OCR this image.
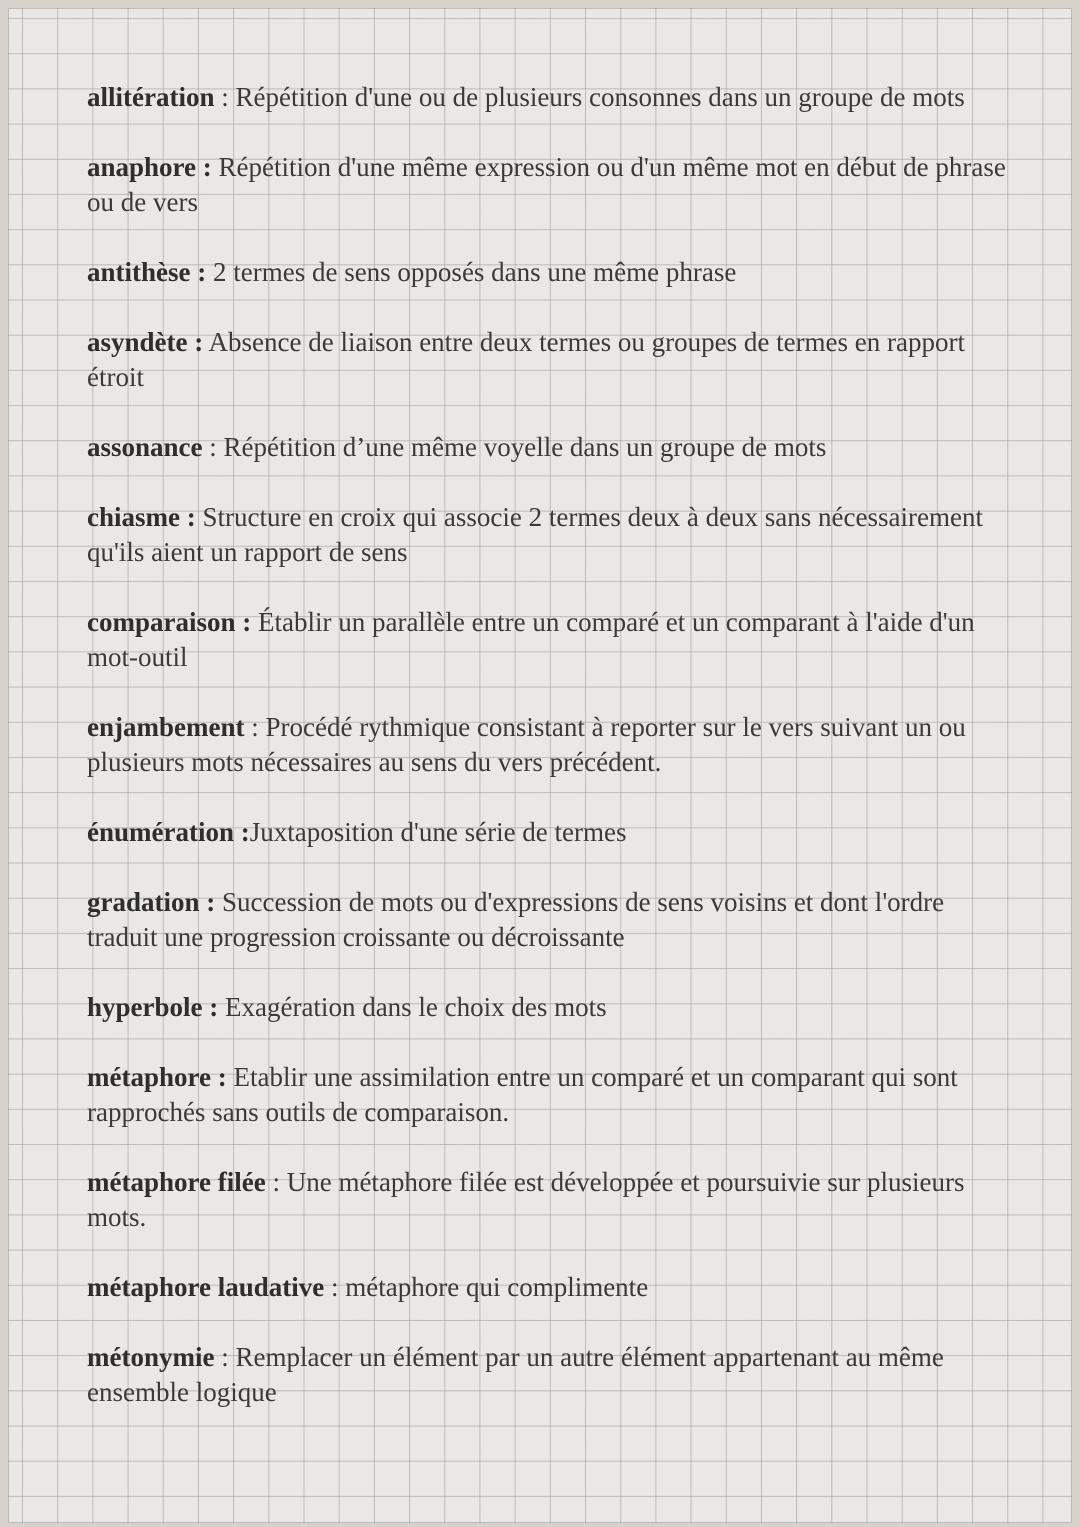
allitération : Répétition d'une ou de plusieurs consonnes dans un groupe de mots

anaphore : Répétition d'une même expression ou d'un même mot en début de phrase ou de vers

antithèse : 2 termes de sens opposés dans une même phrase

asyndète : Absence de liaison entre deux termes ou groupes de termes en rapport étroit

assonance : Répétition d’une même voyelle dans un groupe de mots

chiasme : Structure en croix qui associe 2 termes deux à deux sans nécessairement qu'ils aient un rapport de sens

comparaison : Établir un parallèle entre un comparé et un comparant à l'aide d'un mot-outil

enjambement : Procédé rythmique consistant à reporter sur le vers suivant un ou plusieurs mots nécessaires au sens du vers précédent.

énumération :Juxtaposition d'une série de termes

gradation : Succession de mots ou d'expressions de sens voisins et dont l'ordre traduit une progression croissante ou décroissante

hyperbole : Exagération dans le choix des mots

métaphore : Etablir une assimilation entre un comparé et un comparant qui sont rapprochés sans outils de comparaison.

métaphore filée : Une métaphore filée est développée et poursuivie sur plusieurs mots.

métaphore laudative : métaphore qui complimente

métonymie : Remplacer un élément par un autre élément appartenant au même ensemble logique
